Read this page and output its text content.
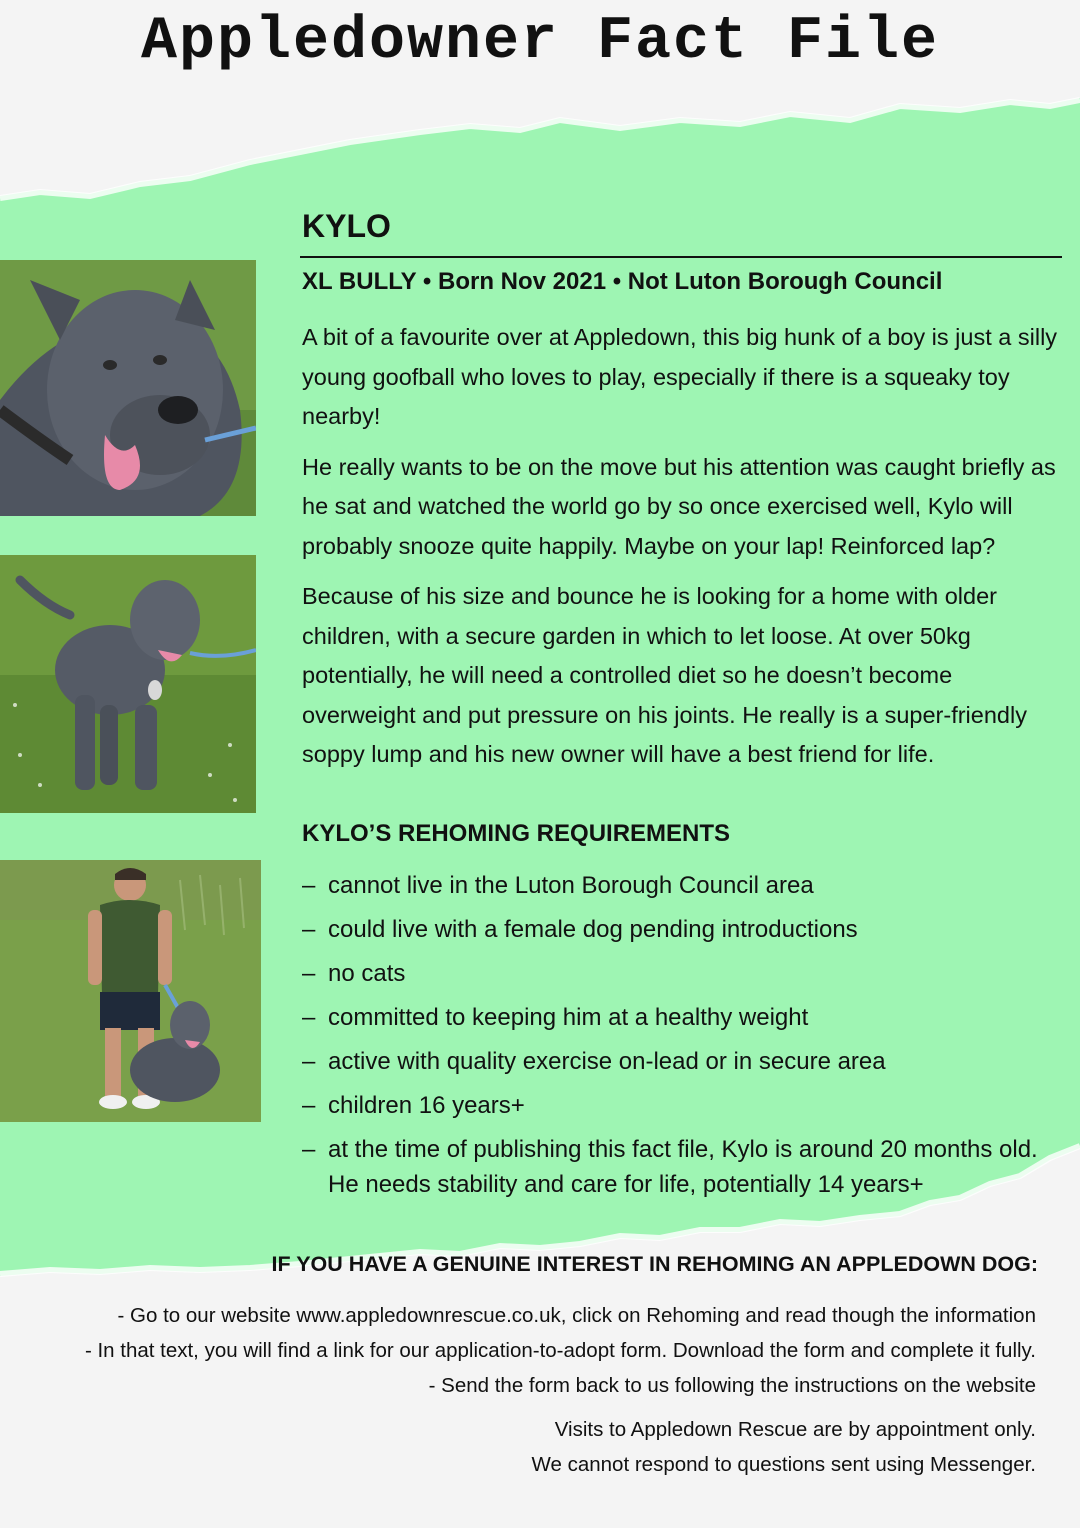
Appledowner Fact File
KYLO
XL BULLY • Born Nov 2021 • Not Luton Borough Council

A bit of a favourite over at Appledown, this big hunk of a boy is just a silly young goofball who loves to play, especially if there is a squeaky toy nearby!

He really wants to be on the move but his attention was caught briefly as he sat and watched the world go by so once exercised well, Kylo will probably snooze quite happily. Maybe on your lap! Reinforced lap?

Because of his size and bounce he is looking for a home with older children, with a secure garden in which to let loose. At over 50kg potentially, he will need a controlled diet so he doesn’t become overweight and put pressure on his joints. He really is a super-friendly soppy lump and his new owner will have a best friend for life.

KYLO’S REHOMING REQUIREMENTS
– cannot live in the Luton Borough Council area
– could live with a female dog pending introductions
– no cats
– committed to keeping him at a healthy weight
– active with quality exercise on-lead or in secure area
– children 16 years+
– at the time of publishing this fact file, Kylo is around 20 months old. He needs stability and care for life, potentially 14 years+
IF YOU HAVE A GENUINE INTEREST IN REHOMING AN APPLEDOWN DOG:
- Go to our website www.appledownrescue.co.uk, click on Rehoming and read though the information
- In that text, you will find a link for our application-to-adopt form. Download the form and complete it fully.
- Send the form back to us following the instructions on the website
Visits to Appledown Rescue are by appointment only.
We cannot respond to questions sent using Messenger.
